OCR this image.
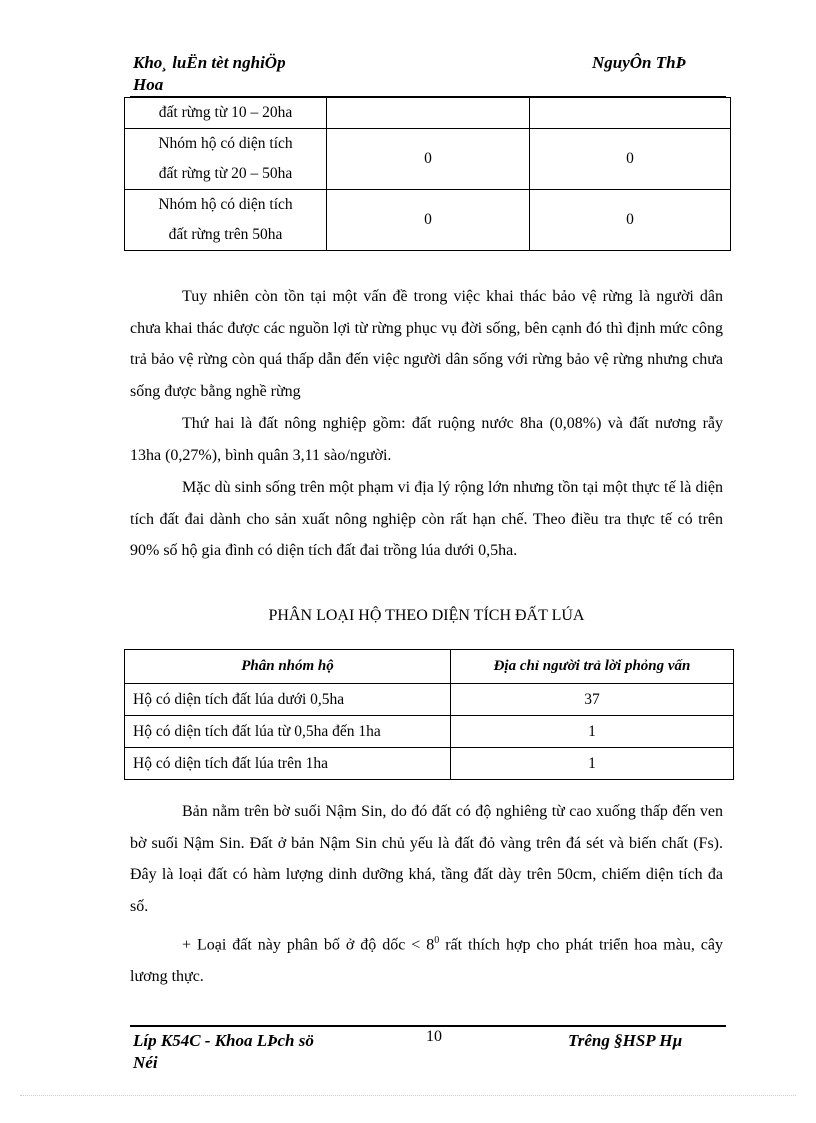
Kho¸ luËn tèt nghiÖp
Hoa
NguyÔn ThÞ
đất rừng từ 10 – 20ha		

Nhóm hộ có diện tích
đất rừng từ 20 – 50ha	0	0

Nhóm hộ có diện tích
đất rừng trên 50ha	0	0
Tuy nhiên còn tồn tại một vấn đề trong việc khai thác bảo vệ rừng là người dân chưa khai thác được các nguồn lợi từ rừng phục vụ đời sống, bên cạnh đó thì định mức công trả bảo vệ rừng còn quá thấp dẫn đến việc người dân sống với rừng bảo vệ rừng nhưng chưa sống được bằng nghề rừng
Thứ hai là đất nông nghiệp gồm: đất ruộng nước 8ha (0,08%) và đất nương rẫy 13ha (0,27%), bình quân 3,11 sào/người.
Mặc dù sinh sống trên một phạm vi địa lý rộng lớn nhưng tồn tại một thực tế là diện tích đất đai dành cho sản xuất nông nghiệp còn rất hạn chế. Theo điều tra thực tế có trên 90% số hộ gia đình có diện tích đất đai trồng lúa dưới 0,5ha.
PHÂN LOẠI HỘ THEO DIỆN TÍCH ĐẤT LÚA
Phân nhóm hộ	Địa chỉ người trả lời phỏng vấn
Hộ có diện tích đất lúa dưới 0,5ha	37
Hộ có diện tích đất lúa từ 0,5ha đến 1ha	1
Hộ có diện tích đất lúa trên 1ha	1
Bản nằm trên bờ suối Nậm Sin, do đó đất có độ nghiêng từ cao xuống thấp đến ven bờ suối Nậm Sin. Đất ở bản Nậm Sin chủ yếu là đất đỏ vàng trên đá sét và biến chất (Fs). Đây là loại đất có hàm lượng dinh dưỡng khá, tầng đất dày trên 50cm, chiếm diện tích đa số.
+ Loại đất này phân bố ở độ dốc < $8^0$ rất thích hợp cho phát triển hoa màu, cây lương thực.
Líp K54C - Khoa LÞch sö
Néi
10	Trêng §HSP Hµ
